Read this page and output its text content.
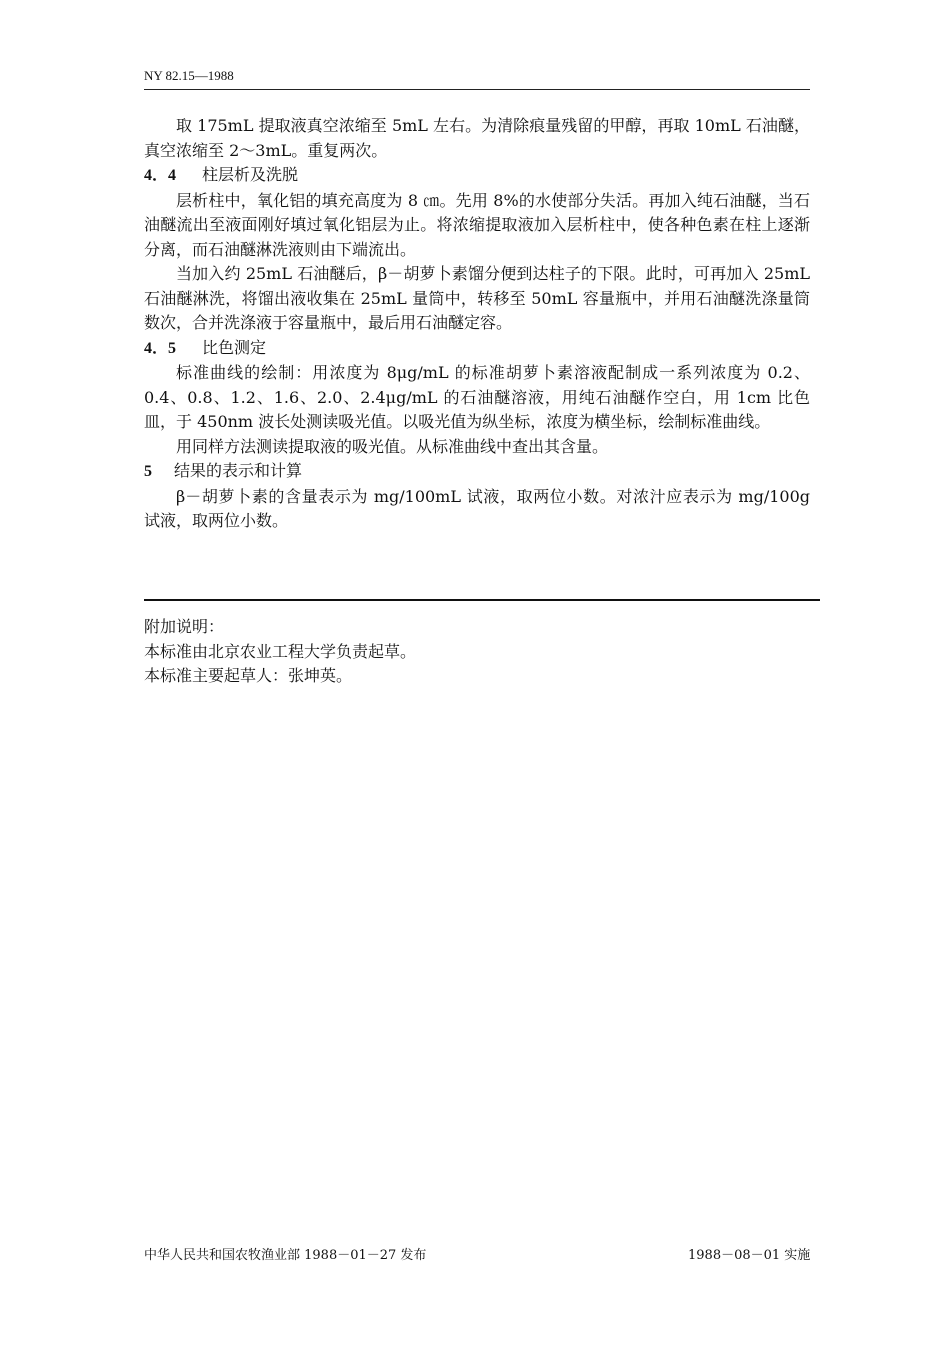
NY 82.15—1988

取 175mL 提取液真空浓缩至 5mL 左右。为清除痕量残留的甲醇，再取 10mL 石油醚，真空浓缩至 2～3mL。重复两次。

4．4 柱层析及洗脱

层析柱中，氧化铝的填充高度为 8 ㎝。先用 8%的水使部分失活。再加入纯石油醚，当石油醚流出至液面刚好填过氧化铝层为止。将浓缩提取液加入层析柱中，使各种色素在柱上逐渐分离，而石油醚淋洗液则由下端流出。

当加入约 25mL 石油醚后，β－胡萝卜素馏分便到达柱子的下限。此时，可再加入 25mL 石油醚淋洗，将馏出液收集在 25mL 量筒中，转移至 50mL 容量瓶中，并用石油醚洗涤量筒数次，合并洗涤液于容量瓶中，最后用石油醚定容。

4．5 比色测定

标准曲线的绘制：用浓度为 8μg/mL 的标准胡萝卜素溶液配制成一系列浓度为 0.2、0.4、0.8、1.2、1.6、2.0、2.4μg/mL 的石油醚溶液，用纯石油醚作空白，用 1cm 比色皿，于 450nm 波长处测读吸光值。以吸光值为纵坐标，浓度为横坐标，绘制标准曲线。

用同样方法测读提取液的吸光值。从标准曲线中查出其含量。

5 结果的表示和计算

β－胡萝卜素的含量表示为 mg/100mL 试液，取两位小数。对浓汁应表示为 mg/100g 试液，取两位小数。

附加说明：
本标准由北京农业工程大学负责起草。
本标准主要起草人：张坤英。
中华人民共和国农牧渔业部 1988－01－27 发布	1988－08－01 实施
